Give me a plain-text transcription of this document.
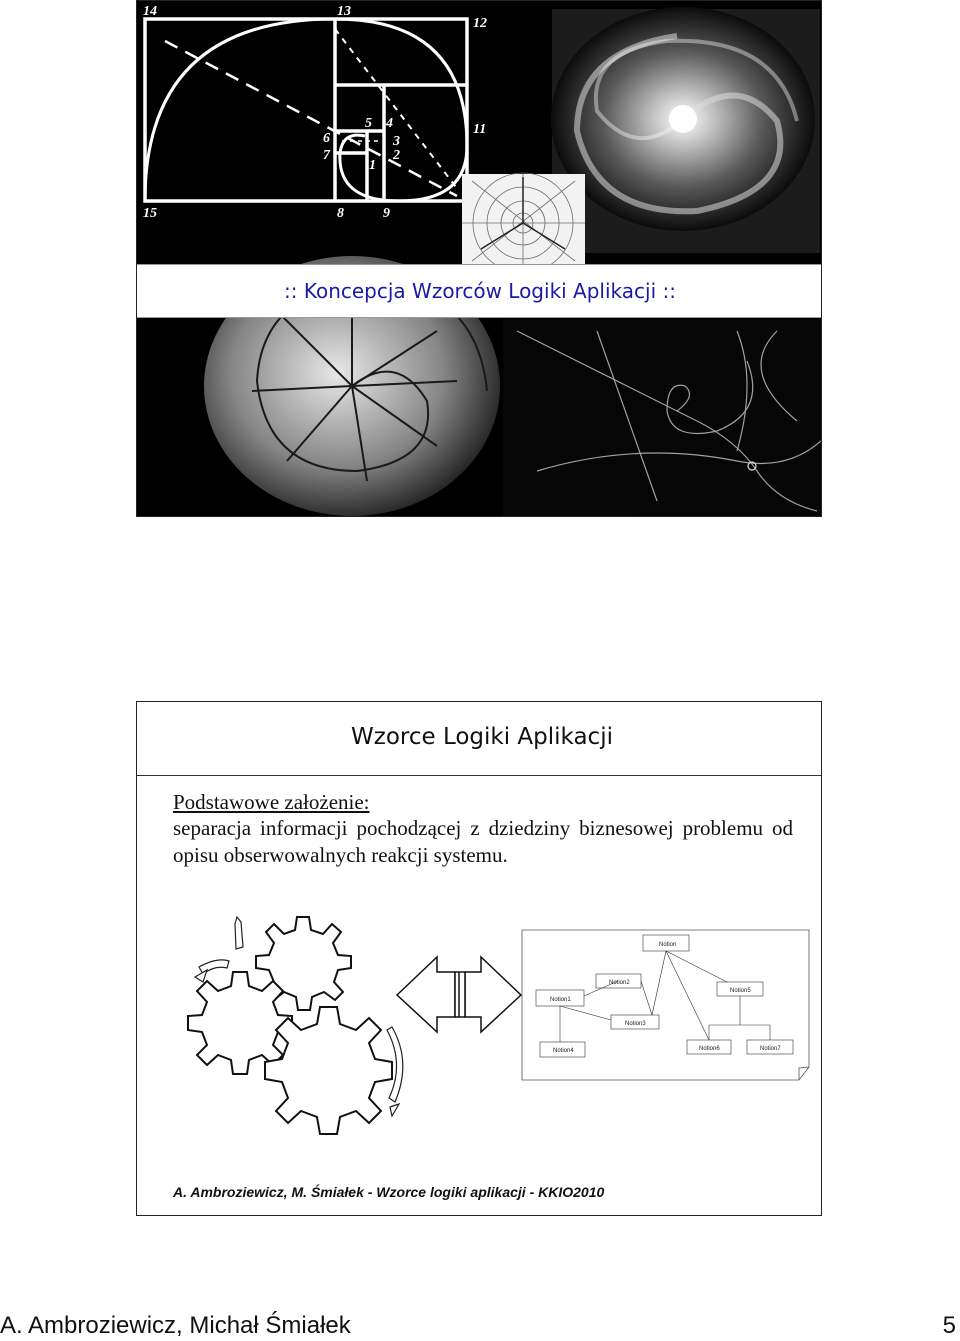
14	13
12
11
15	8	9
6
7
5 4
3
2
1
:: Koncepcja Wzorców Logiki Aplikacji ::
Wzorce Logiki Aplikacji
Podstawowe założenie:
separacja informacji pochodzącej z dziedziny biznesowej problemu od opisu obserwowalnych reakcji systemu.
Notion
Notion2
Notion1
Notion5
Notion3
Notion4	Notion6	Notion7
A. Ambroziewicz, M. Śmiałek - Wzorce logiki aplikacji - KKIO2010
A. Ambroziewicz, Michał Śmiałek	5
